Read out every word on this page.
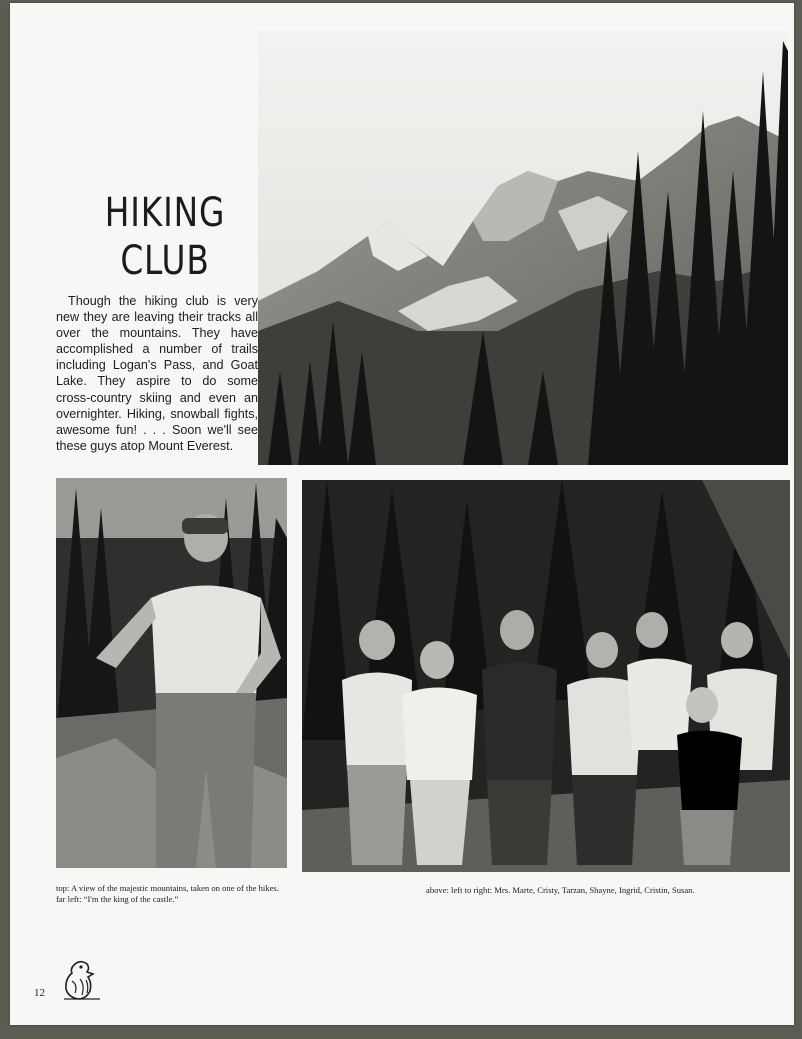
HIKING
CLUB

Though the hiking club is very new they are leaving their tracks all over the mountains. They have accomplished a number of trails including Logan's Pass, and Goat Lake. They aspire to do some cross-country skiing and even an overnighter. Hiking, snowball fights, awesome fun! . . . Soon we'll see these guys atop Mount Everest.

top: A view of the majestic mountains, taken on one of the hikes.
far left: “I'm the king of the castle.”
above: left to right: Mrs. Marte, Cristy, Tarzan, Shayne, Ingrid, Cristin, Susan.
12
